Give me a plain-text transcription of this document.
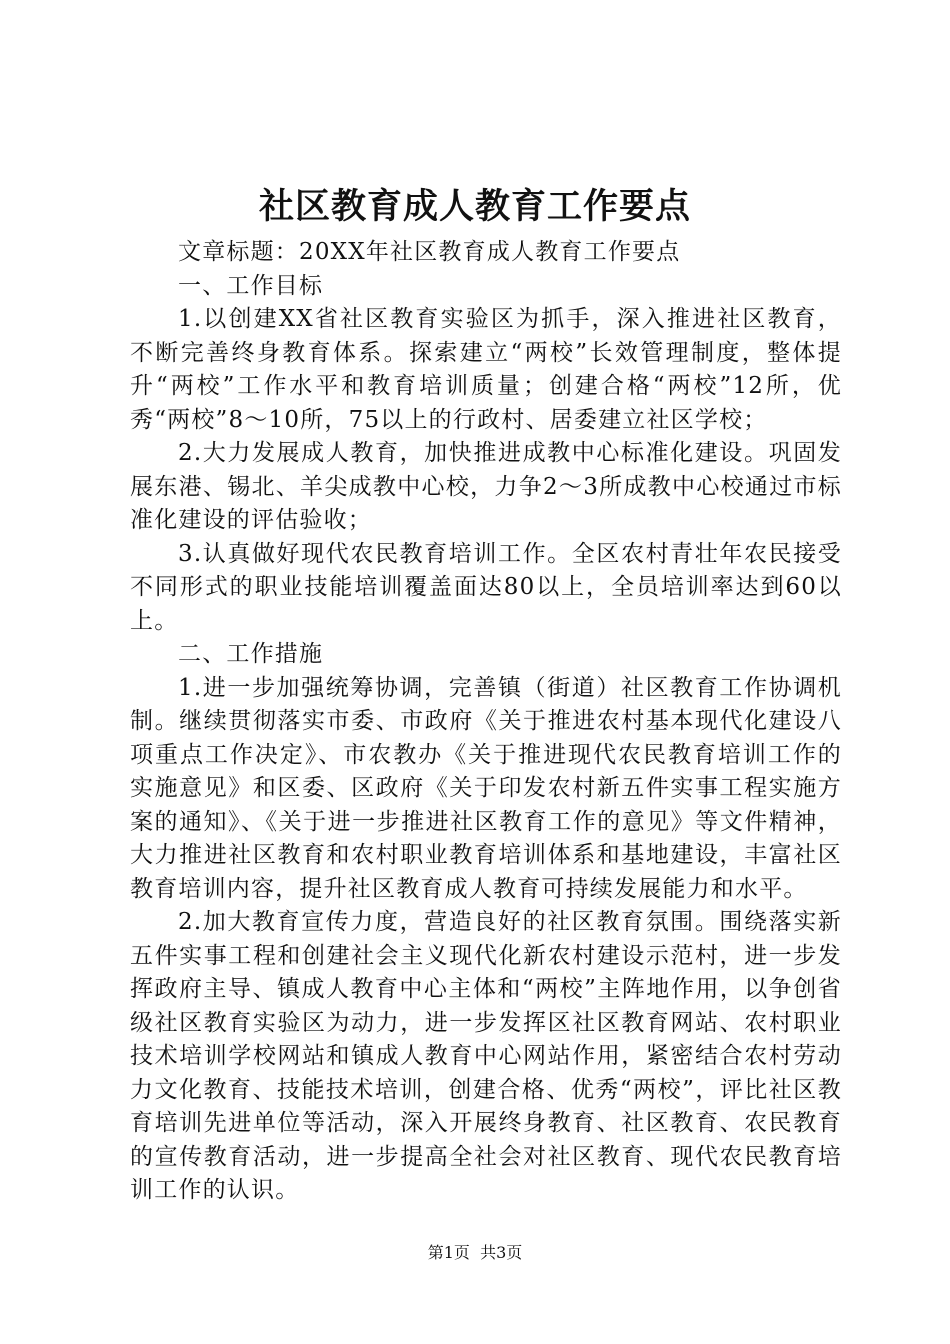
社区教育成人教育工作要点

文章标题：20XX年社区教育成人教育工作要点

一、工作目标

1.以创建XX省社区教育实验区为抓手，深入推进社区教育，不断完善终身教育体系。探索建立“两校”长效管理制度，整体提升“两校”工作水平和教育培训质量；创建合格“两校”12所，优秀“两校”8～10所，75以上的行政村、居委建立社区学校；

2.大力发展成人教育，加快推进成教中心标准化建设。巩固发展东港、锡北、羊尖成教中心校，力争2～3所成教中心校通过市标准化建设的评估验收；

3.认真做好现代农民教育培训工作。全区农村青壮年农民接受不同形式的职业技能培训覆盖面达80以上，全员培训率达到60以上。

二、工作措施

1.进一步加强统筹协调，完善镇（街道）社区教育工作协调机制。继续贯彻落实市委、市政府《关于推进农村基本现代化建设八项重点工作决定》、市农教办《关于推进现代农民教育培训工作的实施意见》和区委、区政府《关于印发农村新五件实事工程实施方案的通知》、《关于进一步推进社区教育工作的意见》等文件精神，大力推进社区教育和农村职业教育培训体系和基地建设，丰富社区教育培训内容，提升社区教育成人教育可持续发展能力和水平。

2.加大教育宣传力度，营造良好的社区教育氛围。围绕落实新五件实事工程和创建社会主义现代化新农村建设示范村，进一步发挥政府主导、镇成人教育中心主体和“两校”主阵地作用，以争创省级社区教育实验区为动力，进一步发挥区社区教育网站、农村职业技术培训学校网站和镇成人教育中心网站作用，紧密结合农村劳动力文化教育、技能技术培训，创建合格、优秀“两校”，评比社区教育培训先进单位等活动，深入开展终身教育、社区教育、农民教育的宣传教育活动，进一步提高全社会对社区教育、现代农民教育培训工作的认识。

第1页 共3页
